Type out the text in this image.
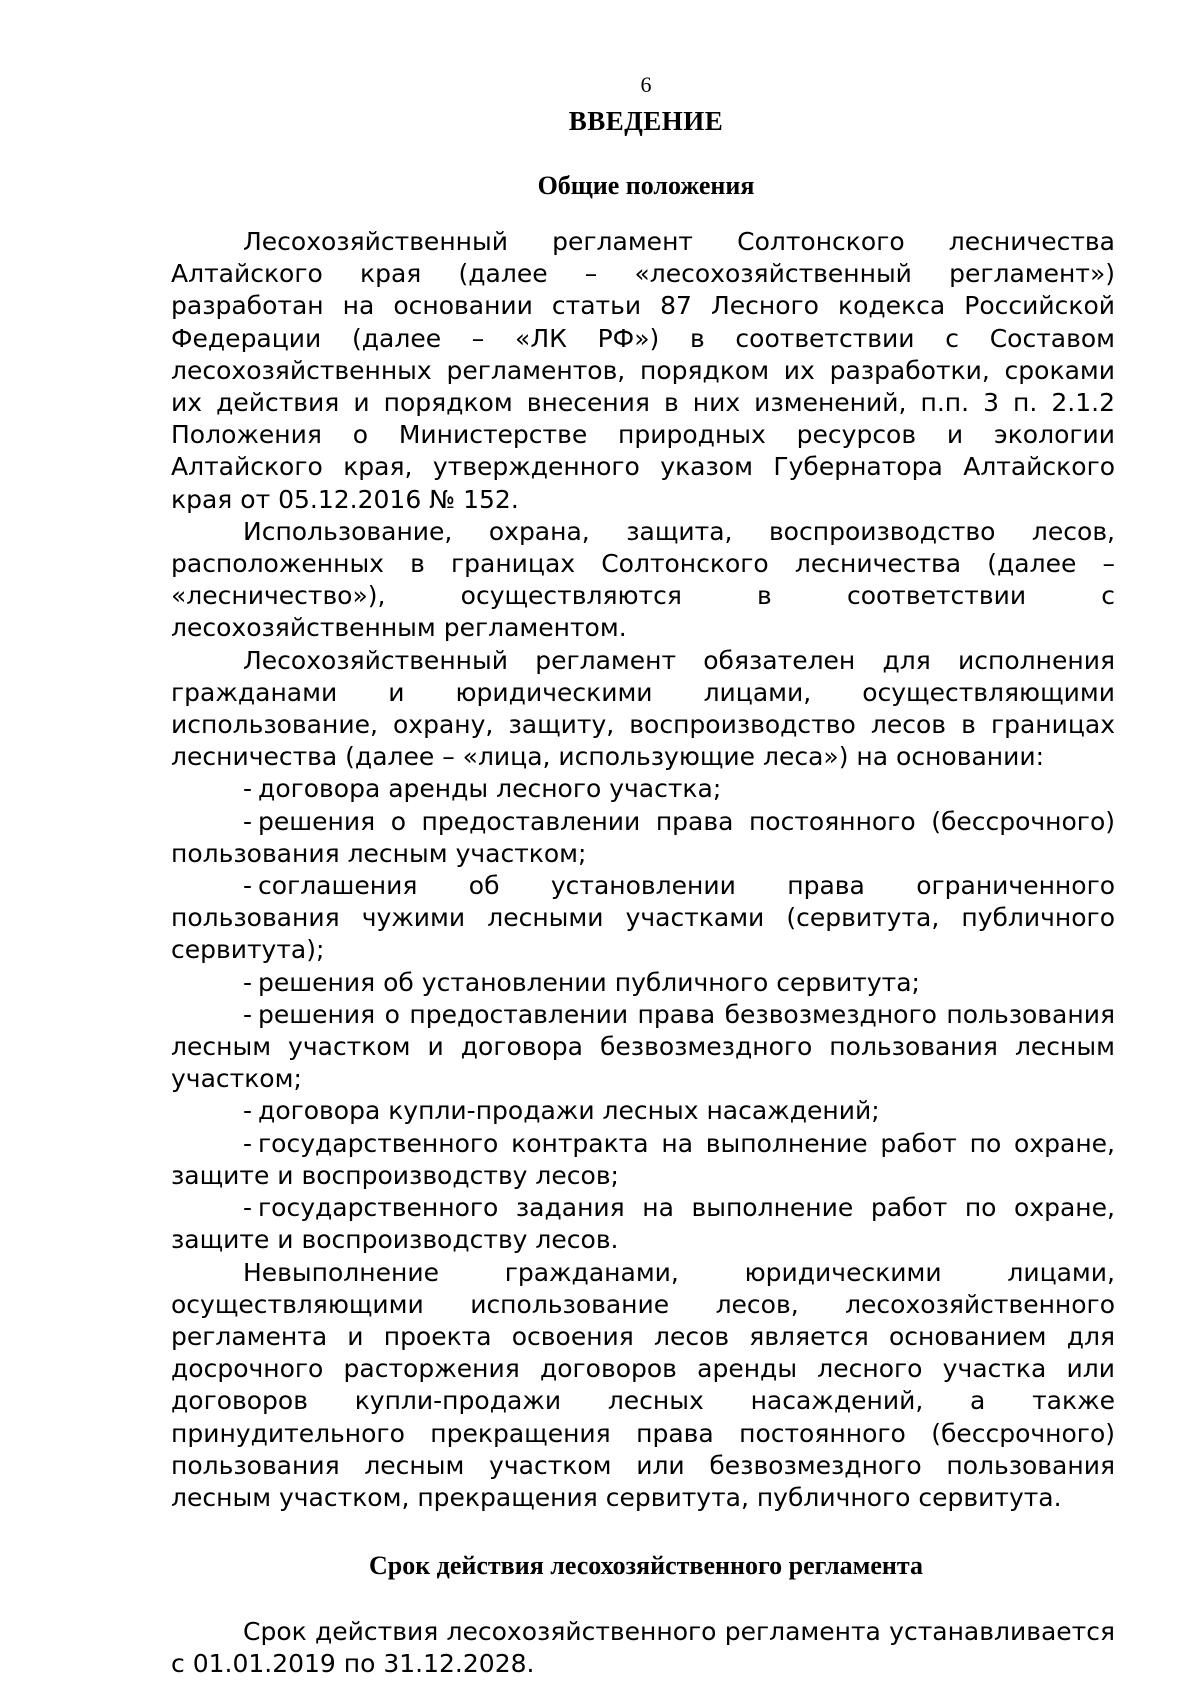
6
ВВЕДЕНИЕ
Общие положения

Лесохозяйственный регламент Солтонского лесничества Алтайского края (далее – «лесохозяйственный регламент») разработан на основании статьи 87 Лесного кодекса Российской Федерации (далее – «ЛК РФ») в соответствии с Составом лесохозяйственных регламентов, порядком их разработки, сроками их действия и порядком внесения в них изменений, п.п. 3 п. 2.1.2 Положения о Министерстве природных ресурсов и экологии Алтайского края, утвержденного указом Губернатора Алтайского края от 05.12.2016 № 152.

Использование, охрана, защита, воспроизводство лесов, расположенных в границах Солтонского лесничества (далее – «лесничество»), осуществляются в соответствии с лесохозяйственным регламентом.

Лесохозяйственный регламент обязателен для исполнения гражданами и юридическими лицами, осуществляющими использование, охрану, защиту, воспроизводство лесов в границах лесничества (далее – «лица, использующие леса») на основании:

- договора аренды лесного участка;
- решения о предоставлении права постоянного (бессрочного) пользования лесным участком;
- соглашения об установлении права ограниченного пользования чужими лесными участками (сервитута, публичного сервитута);
- решения об установлении публичного сервитута;
- решения о предоставлении права безвозмездного пользования лесным участком и договора безвозмездного пользования лесным участком;
- договора купли-продажи лесных насаждений;
- государственного контракта на выполнение работ по охране, защите и воспроизводству лесов;
- государственного задания на выполнение работ по охране, защите и воспроизводству лесов.

Невыполнение гражданами, юридическими лицами, осуществляющими использование лесов, лесохозяйственного регламента и проекта освоения лесов является основанием для досрочного расторжения договоров аренды лесного участка или договоров купли-продажи лесных насаждений, а также принудительного прекращения права постоянного (бессрочного) пользования лесным участком или безвозмездного пользования лесным участком, прекращения сервитута, публичного сервитута.

Срок действия лесохозяйственного регламента

Срок действия лесохозяйственного регламента устанавливается с 01.01.2019 по 31.12.2028.
